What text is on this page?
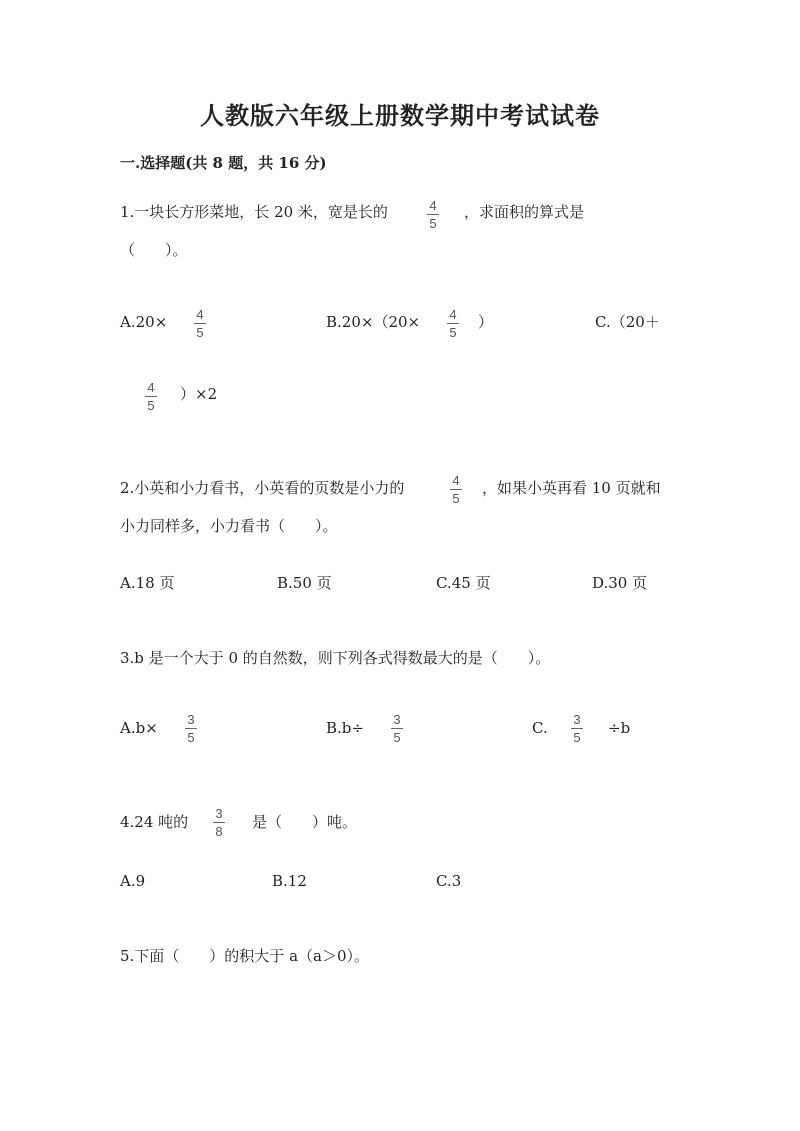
人教版六年级上册数学期中考试试卷
一.选择题(共 8 题，共 16 分)
1.一块长方形菜地，长 20 米，宽是长的	4
5
，求面积的算式是
（　　）。
A.20×	4
5
B.20×（20×	4
5
）	C.（20＋
4
5
）×2
2.小英和小力看书，小英看的页数是小力的	4
5
，如果小英再看 10 页就和
小力同样多，小力看书（　　）。
A.18 页	B.50 页	C.45 页	D.30 页
3.b 是一个大于 0 的自然数，则下列各式得数最大的是（　　）。
A.b×	3
5
B.b÷	3
5
C.	3
5
÷b
4.24 吨的	3
8
是（　　）吨。
A.9	B.12	C.3
5.下面（　　）的积大于 a（a＞0）。
